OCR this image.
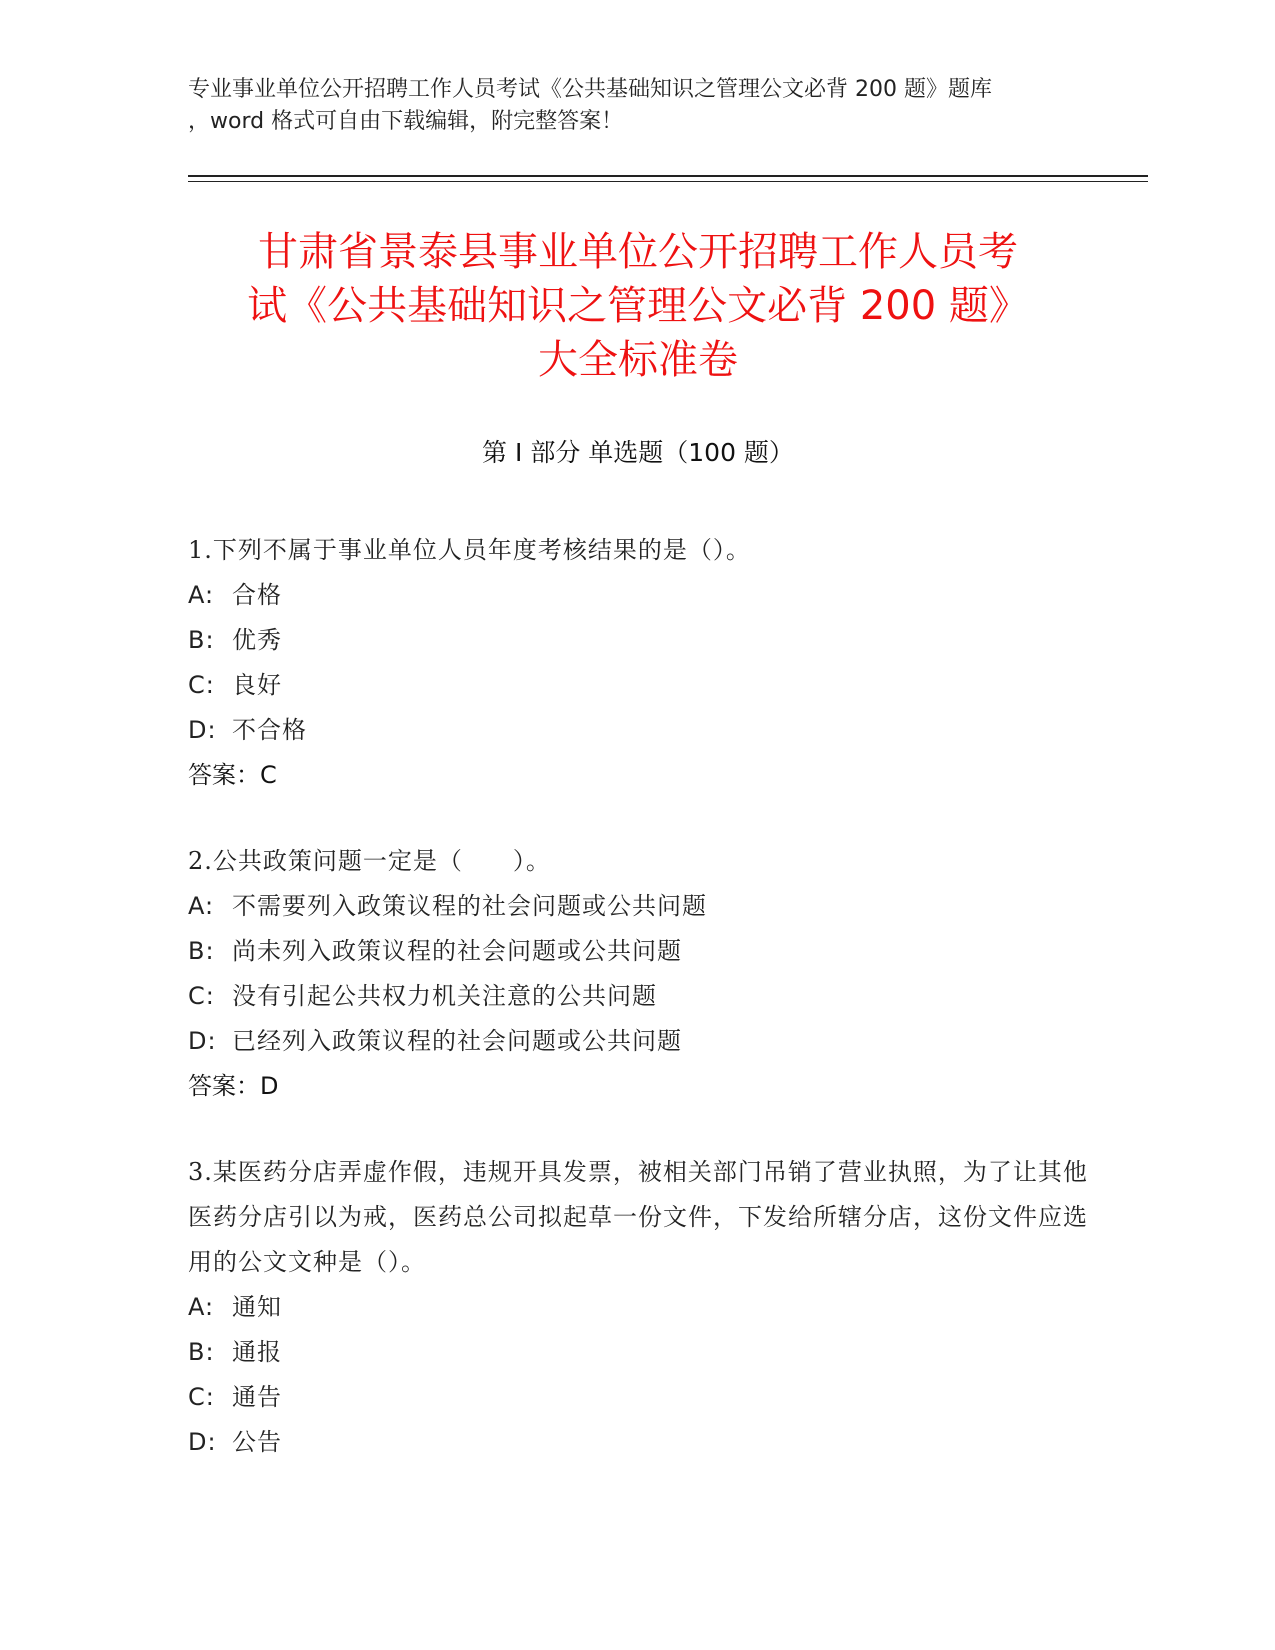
专业事业单位公开招聘工作人员考试《公共基础知识之管理公文必背 200 题》题库
，word 格式可自由下载编辑，附完整答案！
甘肃省景泰县事业单位公开招聘工作人员考
试《公共基础知识之管理公文必背 200 题》
大全标准卷
第 I 部分 单选题（100 题）
1.下列不属于事业单位人员年度考核结果的是（）。
A: 合格
B: 优秀
C: 良好
D: 不合格
答案：C
2.公共政策问题一定是（　　）。
A: 不需要列入政策议程的社会问题或公共问题
B: 尚未列入政策议程的社会问题或公共问题
C: 没有引起公共权力机关注意的公共问题
D: 已经列入政策议程的社会问题或公共问题
答案：D
3.某医药分店弄虚作假，违规开具发票，被相关部门吊销了营业执照，为了让其他医药分店引以为戒，医药总公司拟起草一份文件，下发给所辖分店，这份文件应选用的公文文种是（）。
A: 通知
B: 通报
C: 通告
D: 公告
